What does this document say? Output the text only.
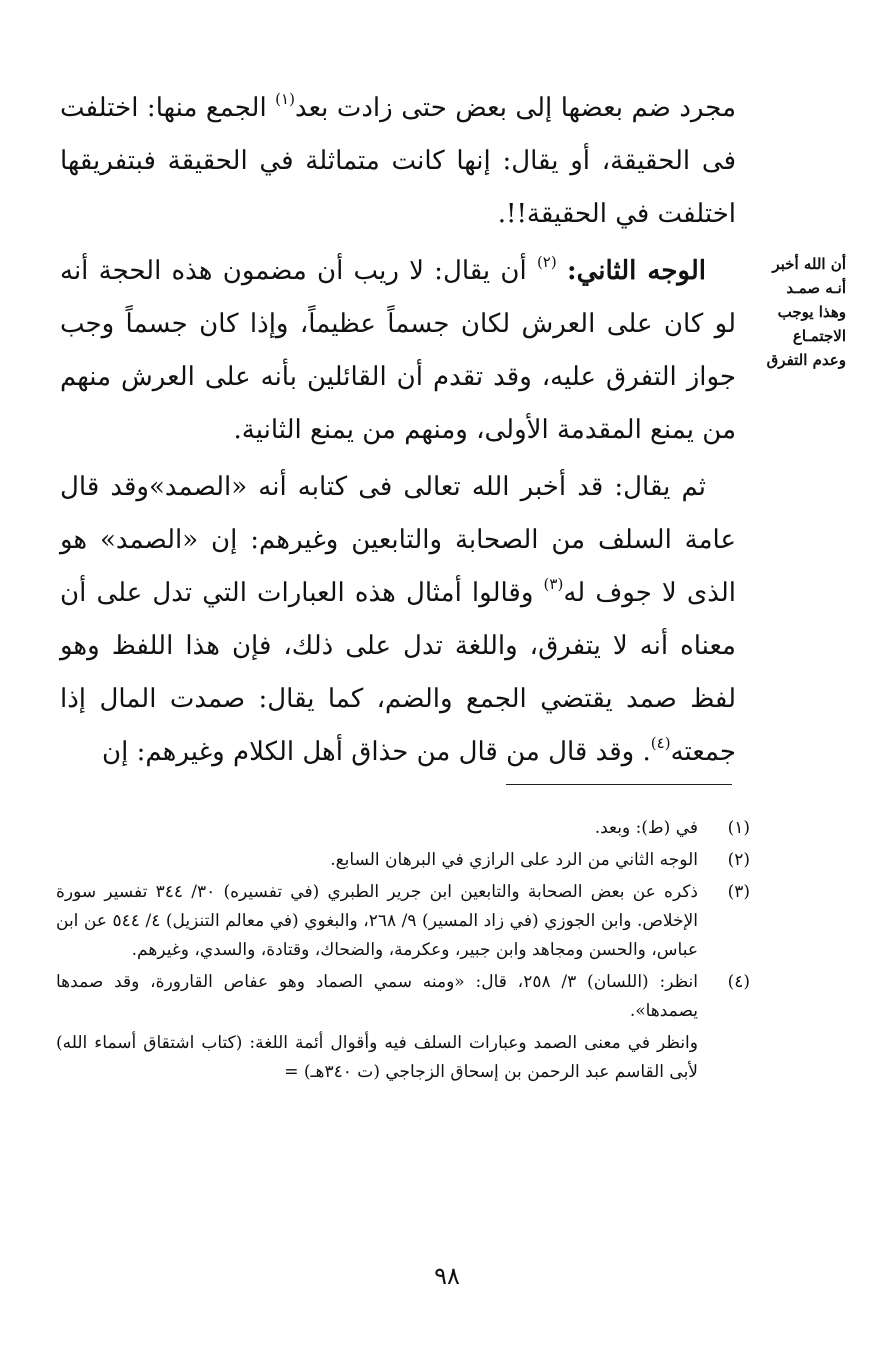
مجرد ضم بعضها إلى بعض حتى زادت بعد$^{(١)}$ الجمع منها: اختلفت فى الحقيقة، أو يقال: إنها كانت متماثلة في الحقيقة فبتفريقها اختلفت في الحقيقة!!.

الوجه الثاني: $^{(٢)}$ أن يقال: لا ريب أن مضمون هذه الحجة أنه لو كان على العرش لكان جسماً عظيماً، وإذا كان جسماً وجب جواز التفرق عليه، وقد تقدم أن القائلين بأنه على العرش منهم من يمنع المقدمة الأولى، ومنهم من يمنع الثانية.

ثم يقال: قد أخبر الله تعالى فى كتابه أنه «الصمد»وقد قال عامة السلف من الصحابة والتابعين وغيرهم: إن «الصمد» هو الذى لا جوف له$^{(٣)}$ وقالوا أمثال هذه العبارات التي تدل على أن معناه أنه لا يتفرق، واللغة تدل على ذلك، فإن هذا اللفظ وهو لفظ صمد يقتضي الجمع والضم، كما يقال: صمدت المال إذا جمعته$^{(٤)}$. وقد قال من قال من حذاق أهل الكلام وغيرهم: إن

أن الله أخبر
أنـه صمـد
وهذا يوجب
الاجتمـاع
وعدم التفرق
(١)
في (ط): وبعد.
(٢)
الوجه الثاني من الرد على الرازي في البرهان السابع.
(٣)
ذكره عن بعض الصحابة والتابعين ابن جرير الطبري (في تفسيره) ٣٠/ ٣٤٤ تفسير سورة الإخلاص. وابن الجوزي (في زاد المسير) ٩/ ٢٦٨، والبغوي (في معالم التنزيل) ٤/ ٥٤٤ عن ابن عباس، والحسن ومجاهد وابن جبير، وعكرمة، والضحاك، وقتادة، والسدي، وغيرهم.
(٤)
انظر: (اللسان) ٣/ ٢٥٨، قال: «ومنه سمي الصماد وهو عفاص القارورة، وقد صمدها يصمدها».

وانظر في معنى الصمد وعبارات السلف فيه وأقوال أئمة اللغة: (كتاب اشتقاق أسماء الله) لأبى القاسم عبد الرحمن بن إسحاق الزجاجي (ت ٣٤٠هـ) =

٩٨
